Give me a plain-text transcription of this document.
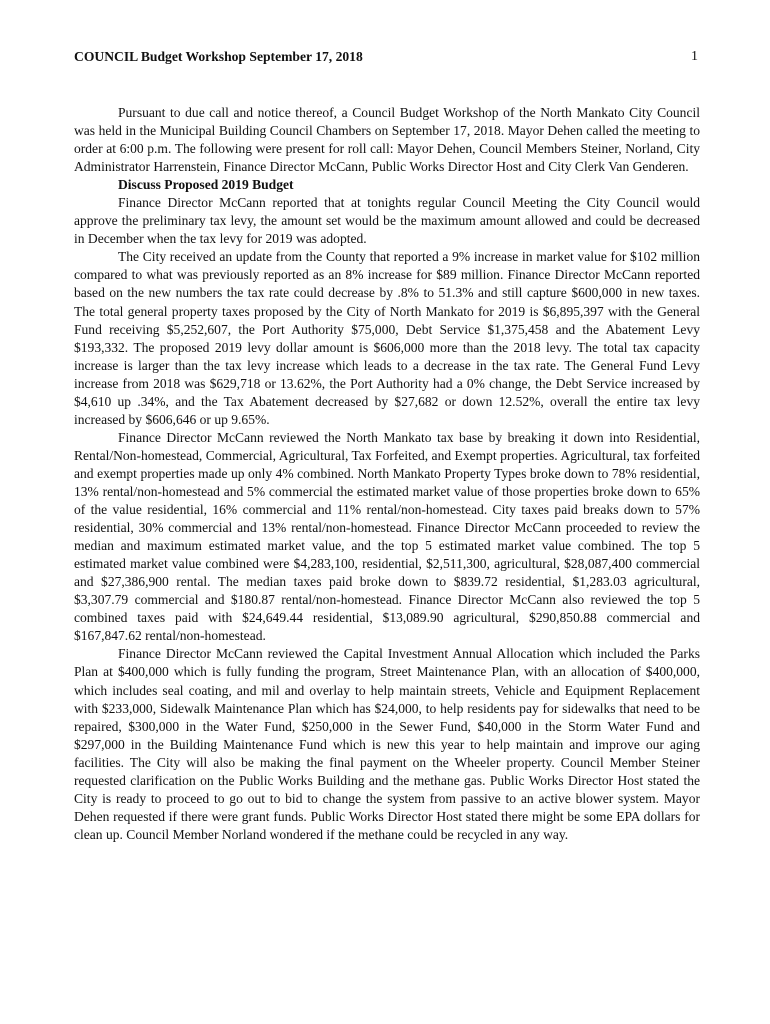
COUNCIL Budget Workshop September 17, 2018	1

Pursuant to due call and notice thereof, a Council Budget Workshop of the North Mankato City Council was held in the Municipal Building Council Chambers on September 17, 2018. Mayor Dehen called the meeting to order at 6:00 p.m. The following were present for roll call: Mayor Dehen, Council Members Steiner, Norland, City Administrator Harrenstein, Finance Director McCann, Public Works Director Host and City Clerk Van Genderen.

Discuss Proposed 2019 Budget

Finance Director McCann reported that at tonights regular Council Meeting the City Council would approve the preliminary tax levy, the amount set would be the maximum amount allowed and could be decreased in December when the tax levy for 2019 was adopted.

The City received an update from the County that reported a 9% increase in market value for $102 million compared to what was previously reported as an 8% increase for $89 million. Finance Director McCann reported based on the new numbers the tax rate could decrease by .8% to 51.3% and still capture $600,000 in new taxes. The total general property taxes proposed by the City of North Mankato for 2019 is $6,895,397 with the General Fund receiving $5,252,607, the Port Authority $75,000, Debt Service $1,375,458 and the Abatement Levy $193,332. The proposed 2019 levy dollar amount is $606,000 more than the 2018 levy. The total tax capacity increase is larger than the tax levy increase which leads to a decrease in the tax rate. The General Fund Levy increase from 2018 was $629,718 or 13.62%, the Port Authority had a 0% change, the Debt Service increased by $4,610 up .34%, and the Tax Abatement decreased by $27,682 or down 12.52%, overall the entire tax levy increased by $606,646 or up 9.65%.

Finance Director McCann reviewed the North Mankato tax base by breaking it down into Residential, Rental/Non-homestead, Commercial, Agricultural, Tax Forfeited, and Exempt properties. Agricultural, tax forfeited and exempt properties made up only 4% combined. North Mankato Property Types broke down to 78% residential, 13% rental/non-homestead and 5% commercial the estimated market value of those properties broke down to 65% of the value residential, 16% commercial and 11% rental/non-homestead. City taxes paid breaks down to 57% residential, 30% commercial and 13% rental/non-homestead. Finance Director McCann proceeded to review the median and maximum estimated market value, and the top 5 estimated market value combined. The top 5 estimated market value combined were $4,283,100, residential, $2,511,300, agricultural, $28,087,400 commercial and $27,386,900 rental. The median taxes paid broke down to $839.72 residential, $1,283.03 agricultural, $3,307.79 commercial and $180.87 rental/non-homestead. Finance Director McCann also reviewed the top 5 combined taxes paid with $24,649.44 residential, $13,089.90 agricultural, $290,850.88 commercial and $167,847.62 rental/non-homestead.

Finance Director McCann reviewed the Capital Investment Annual Allocation which included the Parks Plan at $400,000 which is fully funding the program, Street Maintenance Plan, with an allocation of $400,000, which includes seal coating, and mil and overlay to help maintain streets, Vehicle and Equipment Replacement with $233,000, Sidewalk Maintenance Plan which has $24,000, to help residents pay for sidewalks that need to be repaired, $300,000 in the Water Fund, $250,000 in the Sewer Fund, $40,000 in the Storm Water Fund and $297,000 in the Building Maintenance Fund which is new this year to help maintain and improve our aging facilities. The City will also be making the final payment on the Wheeler property. Council Member Steiner requested clarification on the Public Works Building and the methane gas. Public Works Director Host stated the City is ready to proceed to go out to bid to change the system from passive to an active blower system. Mayor Dehen requested if there were grant funds. Public Works Director Host stated there might be some EPA dollars for clean up. Council Member Norland wondered if the methane could be recycled in any way.
